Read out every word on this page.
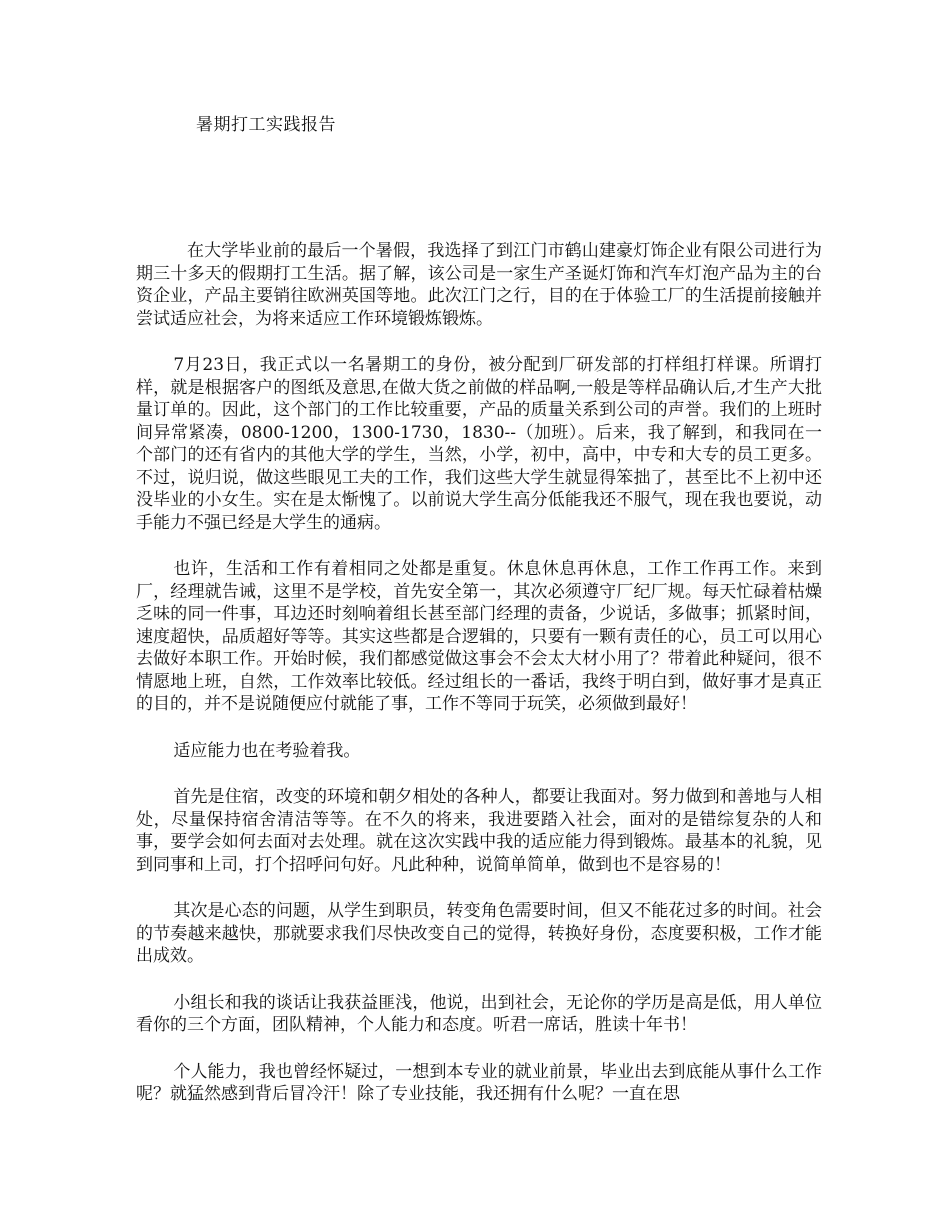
暑期打工实践报告

在大学毕业前的最后一个暑假，我选择了到江门市鹤山建豪灯饰企业有限公司进行为期三十多天的假期打工生活。据了解，该公司是一家生产圣诞灯饰和汽车灯泡产品为主的台资企业，产品主要销往欧洲英国等地。此次江门之行，目的在于体验工厂的生活提前接触并尝试适应社会，为将来适应工作环境锻炼锻炼。

7月23日，我正式以一名暑期工的身份，被分配到厂研发部的打样组打样课。所谓打样，就是根据客户的图纸及意思,在做大货之前做的样品啊,一般是等样品确认后,才生产大批量订单的。因此，这个部门的工作比较重要，产品的质量关系到公司的声誉。我们的上班时间异常紧凑，0800-1200，1300-1730，1830--（加班）。后来，我了解到，和我同在一个部门的还有省内的其他大学的学生，当然，小学，初中，高中，中专和大专的员工更多。不过，说归说，做这些眼见工夫的工作，我们这些大学生就显得笨拙了，甚至比不上初中还没毕业的小女生。实在是太惭愧了。以前说大学生高分低能我还不服气，现在我也要说，动手能力不强已经是大学生的通病。

也许，生活和工作有着相同之处都是重复。休息休息再休息，工作工作再工作。来到厂，经理就告诫，这里不是学校，首先安全第一，其次必须遵守厂纪厂规。每天忙碌着枯燥乏味的同一件事，耳边还时刻响着组长甚至部门经理的责备，少说话，多做事；抓紧时间，速度超快，品质超好等等。其实这些都是合逻辑的，只要有一颗有责任的心，员工可以用心去做好本职工作。开始时候，我们都感觉做这事会不会太大材小用了？带着此种疑问，很不情愿地上班，自然，工作效率比较低。经过组长的一番话，我终于明白到，做好事才是真正的目的，并不是说随便应付就能了事，工作不等同于玩笑，必须做到最好！

适应能力也在考验着我。

首先是住宿，改变的环境和朝夕相处的各种人，都要让我面对。努力做到和善地与人相处，尽量保持宿舍清洁等等。在不久的将来，我进要踏入社会，面对的是错综复杂的人和事，要学会如何去面对去处理。就在这次实践中我的适应能力得到锻炼。最基本的礼貌，见到同事和上司，打个招呼问句好。凡此种种，说简单简单，做到也不是容易的！

其次是心态的问题，从学生到职员，转变角色需要时间，但又不能花过多的时间。社会的节奏越来越快，那就要求我们尽快改变自己的觉得，转换好身份，态度要积极，工作才能出成效。

小组长和我的谈话让我获益匪浅，他说，出到社会，无论你的学历是高是低，用人单位看你的三个方面，团队精神，个人能力和态度。听君一席话，胜读十年书！

个人能力，我也曾经怀疑过，一想到本专业的就业前景，毕业出去到底能从事什么工作呢？就猛然感到背后冒冷汗！除了专业技能，我还拥有什么呢？一直在思
